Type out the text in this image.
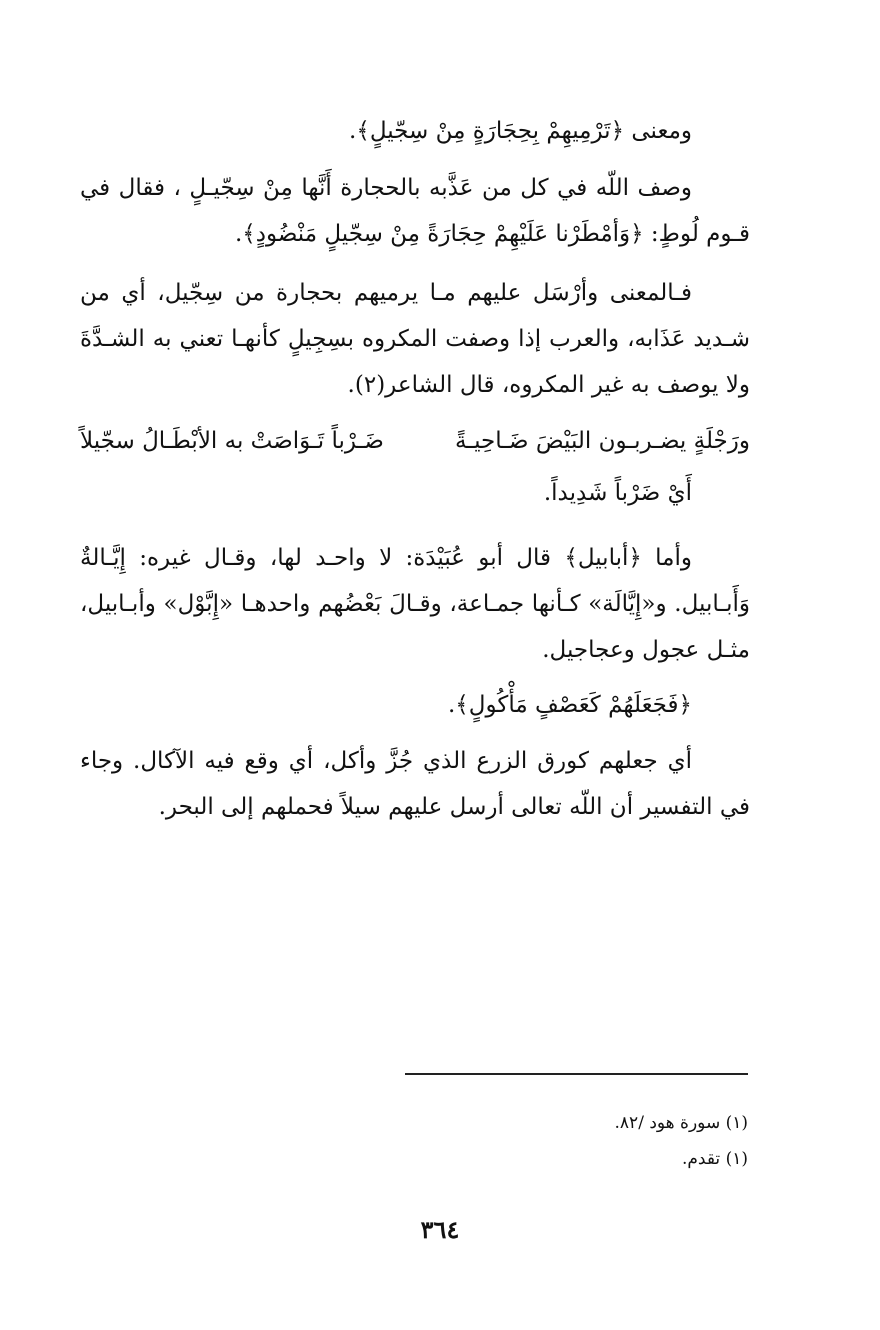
ومعنى ﴿تَرْمِيهِمْ بِحِجَارَةٍ مِنْ سِجّيلٍ﴾.
وصف اللّه في كل من عَذَّبه بالحجارة أَنَّها مِنْ سِجّيـلٍ ، فقال في قـوم لُوطٍ: ﴿وَأمْطَرْنا عَلَيْهِمْ حِجَارَةً مِنْ سِجّيلٍ مَنْضُودٍ﴾.
فـالمعنى وأرْسَل عليهم مـا يرميهم بحجارة من سِجّيل، أي من شـديد عَذَابه، والعرب إذا وصفت المكروه بسِجِيلٍ كأنهـا تعني به الشـدَّةَ ولا يوصف به غير المكروه، قال الشاعر(٢).
ورَجْلَةٍ يضـربـون البَيْضَ ضَـاحِيـةً
ضَـرْباً تَـوَاصَتْ به الأبْطَـالُ سجّيلاً
أَيْ ضَرْباً شَدِيداً.
وأما ﴿أبابيل﴾ قال أبو عُبَيْدَة: لا واحـد لها، وقـال غيره: إِيَّـالةٌ وَأَبـابيل. و«إِيَّالَة» كـأنها جمـاعة، وقـالَ بَعْضُهم واحدهـا «إِبَّوْل» وأبـابيل، مثـل عجول وعجاجيل.
﴿فَجَعَلَهُمْ كَعَصْفٍ مَأْكُولٍ﴾.
أي جعلهم كورق الزرع الذي جُزَّ وأكل، أي وقع فيه الآكال. وجاء في التفسير أن اللّه تعالى أرسل عليهم سيلاً فحملهم إلى البحر.
(١) سورة هود /٨٢.
(١) تقدم.
٣٦٤
